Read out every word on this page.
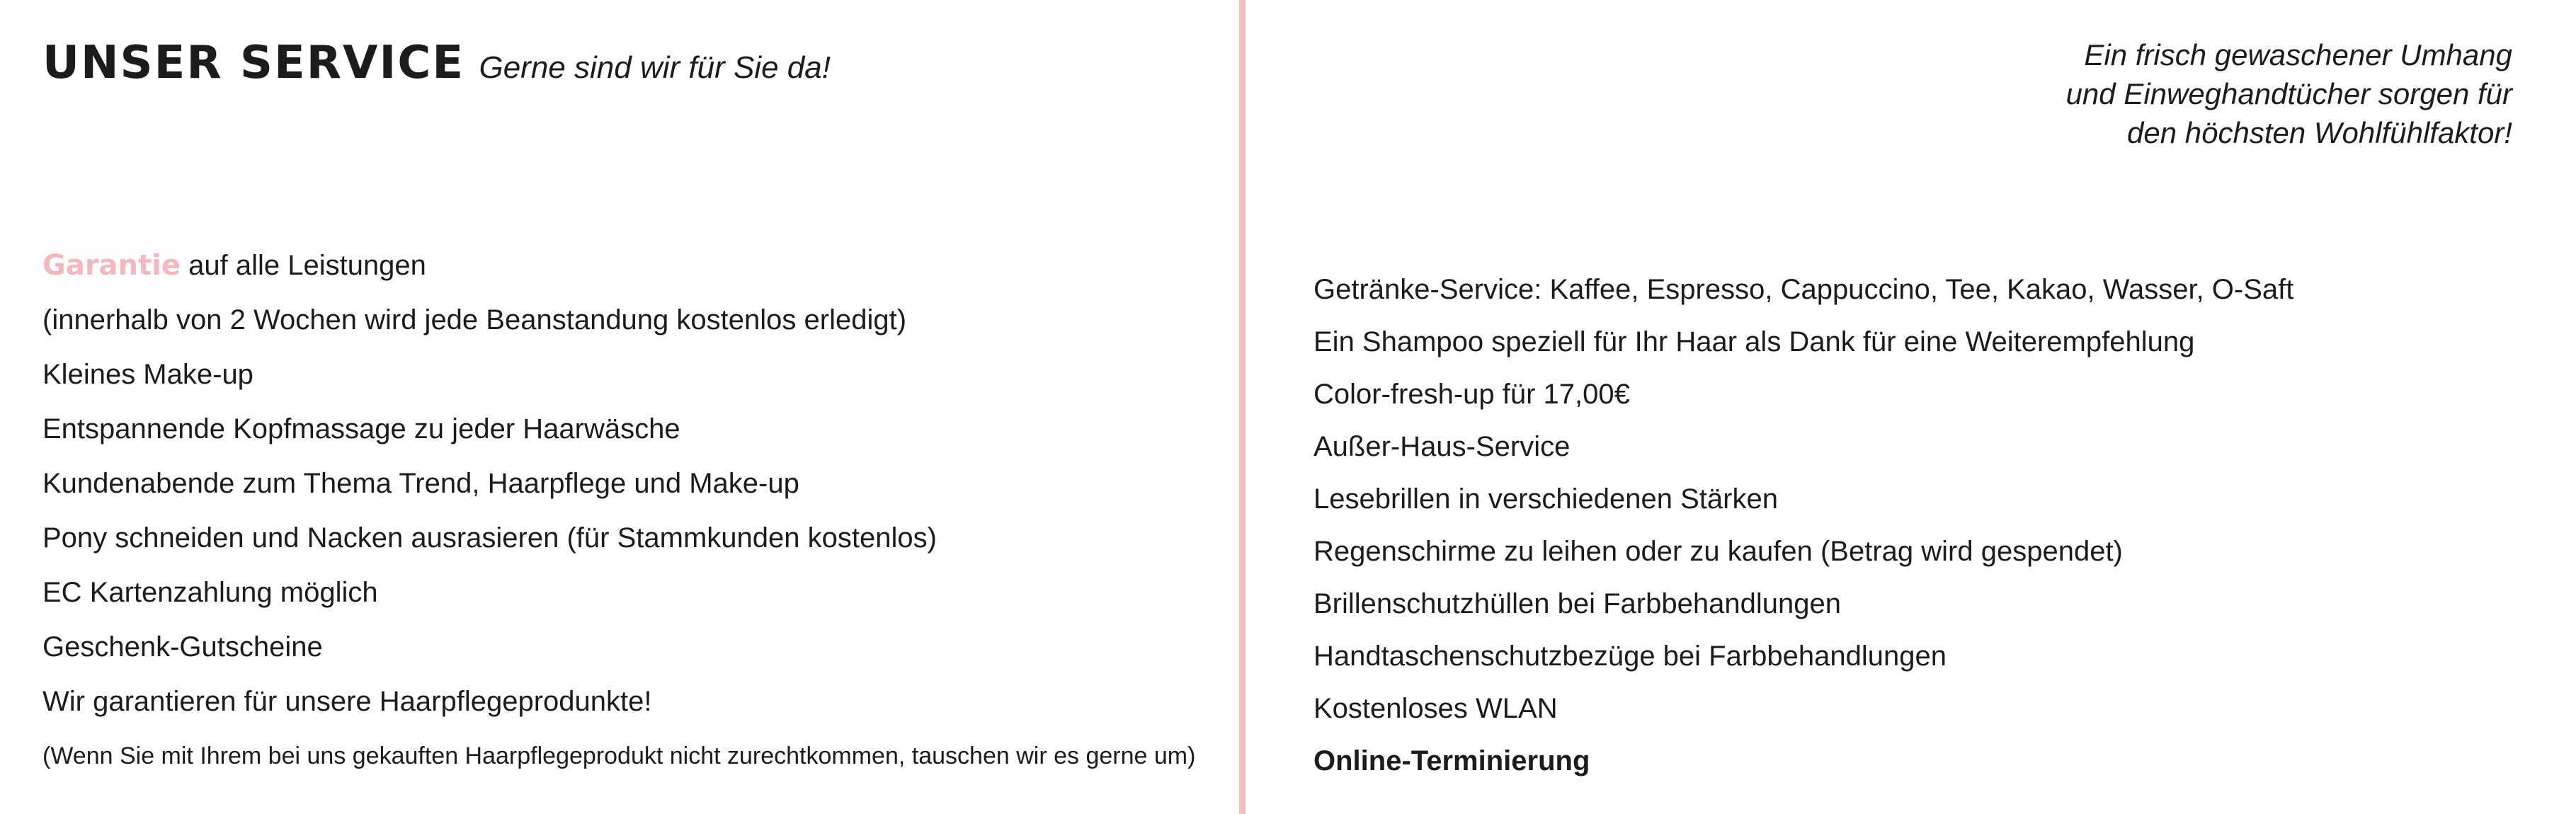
UNSER SERVICE Gerne sind wir für Sie da!	Ein frisch gewaschener Umhang
und Einweghandtücher sorgen für
den höchsten Wohlfühlfaktor!
Garantie auf alle Leistungen
(innerhalb von 2 Wochen wird jede Beanstandung kostenlos erledigt)
Kleines Make-up
Entspannende Kopfmassage zu jeder Haarwäsche
Kundenabende zum Thema Trend, Haarpflege und Make-up
Pony schneiden und Nacken ausrasieren (für Stammkunden kostenlos)
EC Kartenzahlung möglich
Geschenk-Gutscheine
Wir garantieren für unsere Haarpflegeprodunkte!
(Wenn Sie mit Ihrem bei uns gekauften Haarpflegeprodukt nicht zurechtkommen, tauschen wir es gerne um)
Getränke-Service: Kaffee, Espresso, Cappuccino, Tee, Kakao, Wasser, O-Saft
Ein Shampoo speziell für Ihr Haar als Dank für eine Weiterempfehlung
Color-fresh-up für 17,00€
Außer-Haus-Service
Lesebrillen in verschiedenen Stärken
Regenschirme zu leihen oder zu kaufen (Betrag wird gespendet)
Brillenschutzhüllen bei Farbbehandlungen
Handtaschenschutzbezüge bei Farbbehandlungen
Kostenloses WLAN
Online-Terminierung
